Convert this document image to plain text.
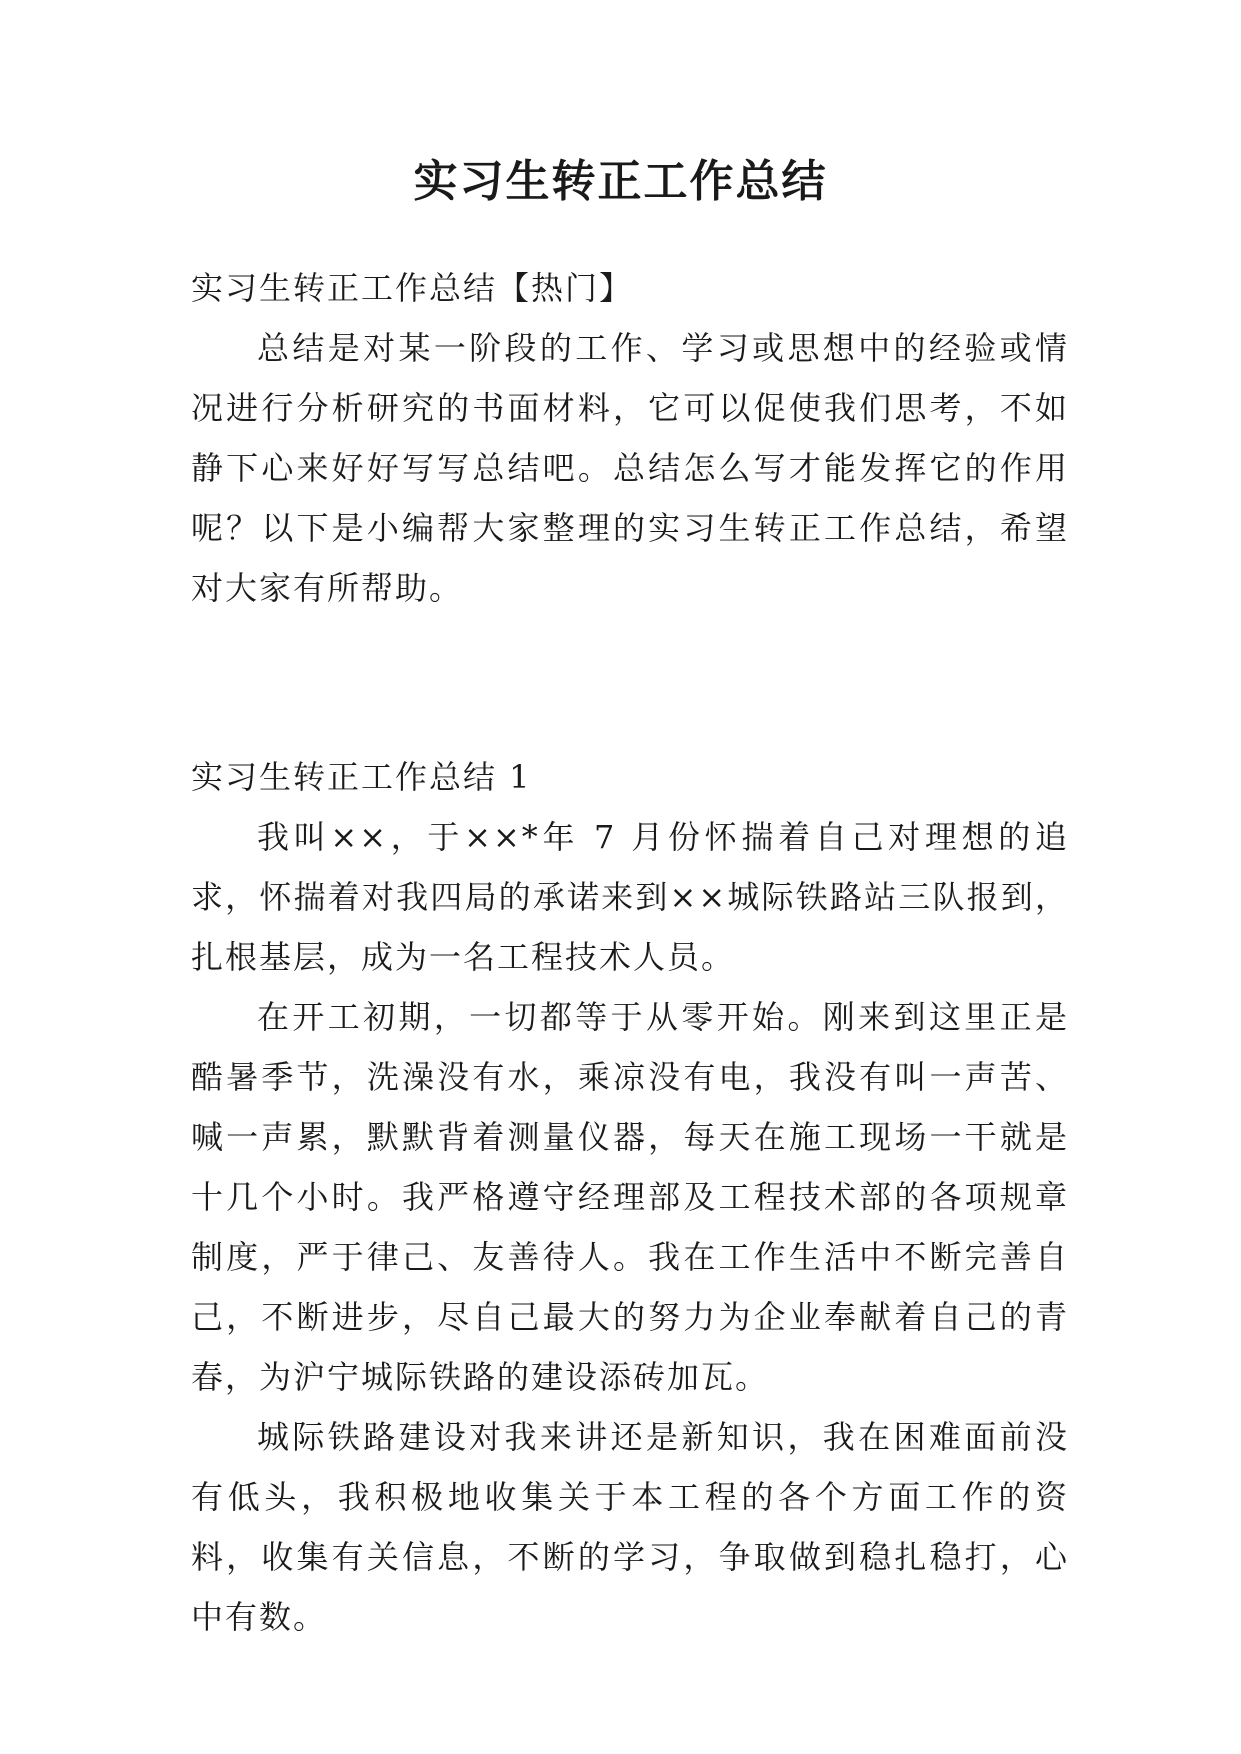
实习生转正工作总结

实习生转正工作总结【热门】

总结是对某一阶段的工作、学习或思想中的经验或情况进行分析研究的书面材料，它可以促使我们思考，不如静下心来好好写写总结吧。总结怎么写才能发挥它的作用呢？以下是小编帮大家整理的实习生转正工作总结，希望对大家有所帮助。

实习生转正工作总结 1

我叫××，于××*年 7 月份怀揣着自己对理想的追求，怀揣着对我四局的承诺来到××城际铁路站三队报到，扎根基层，成为一名工程技术人员。

在开工初期，一切都等于从零开始。刚来到这里正是酷暑季节，洗澡没有水，乘凉没有电，我没有叫一声苦、喊一声累，默默背着测量仪器，每天在施工现场一干就是十几个小时。我严格遵守经理部及工程技术部的各项规章制度，严于律己、友善待人。我在工作生活中不断完善自己，不断进步，尽自己最大的努力为企业奉献着自己的青春，为沪宁城际铁路的建设添砖加瓦。

城际铁路建设对我来讲还是新知识，我在困难面前没有低头，我积极地收集关于本工程的各个方面工作的资料，收集有关信息，不断的学习，争取做到稳扎稳打，心中有数。
